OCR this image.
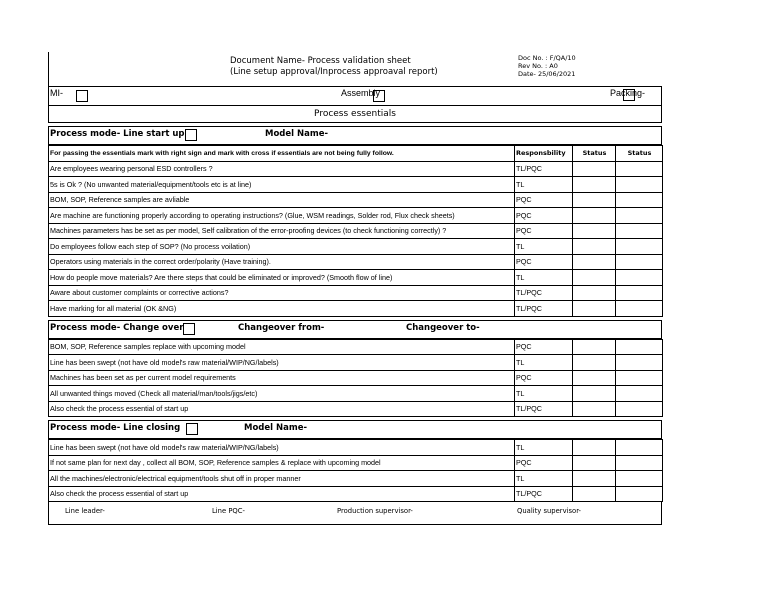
Document Name- Process validation sheet
(Line setup approval/Inprocess approaval report)
Doc No. : F/QA/10
Rev No. : A0
Date- 25/06/2021
MI-	Assembly	Packing-
Process essentials
Process mode- Line start up	Model Name-
For passing the essentials mark with right sign and mark with cross if essentials are not being fully follow.	Responsbility	Status	Status
Are employees wearing personal ESD controllers ?	TL/PQC		
5s is Ok ? (No unwanted material/equipment/tools etc is at line)	TL		
BOM, SOP, Reference samples are avliable	PQC		
Are machine are functioning properly according to operating instructions? (Glue, WSM readings, Solder rod, Flux check sheets)	PQC		
Machines parameters has be set as per model, Self calibration of the error-proofing devices (to check functioning correctly) ?	PQC		
Do employees follow each step of SOP? (No process voilation)	TL		
Operators using materials in the correct order/polarity (Have training).	PQC		
How do people move materials? Are there steps that could be eliminated or improved? (Smooth flow of line)	TL		
Aware about customer complaints or corrective actions?	TL/PQC		
Have marking for all material (OK &NG)	TL/PQC		
Process mode- Change over	Changeover from-	Changeover to-
BOM, SOP, Reference samples replace with upcoming model	PQC		
Line has been swept (not have old model's raw material/WIP/NG/labels)	TL		
Machines has been set as per current model requirements	PQC		
All unwanted things moved (Check all material/man/tools/jigs/etc)	TL		
Also check the process essential of start up	TL/PQC		
Process mode- Line closing	Model Name-
Line has been swept (not have old model's raw material/WIP/NG/labels)	TL		
If not same plan for next day , collect all BOM, SOP, Reference samples & replace with upcoming model	PQC		
All the machines/electronic/electrical equipment/tools shut off in proper manner	TL		
Also check the process essential of start up	TL/PQC		
Line leader-	Line PQC-	Production supervisor-	Quality supervisor-
